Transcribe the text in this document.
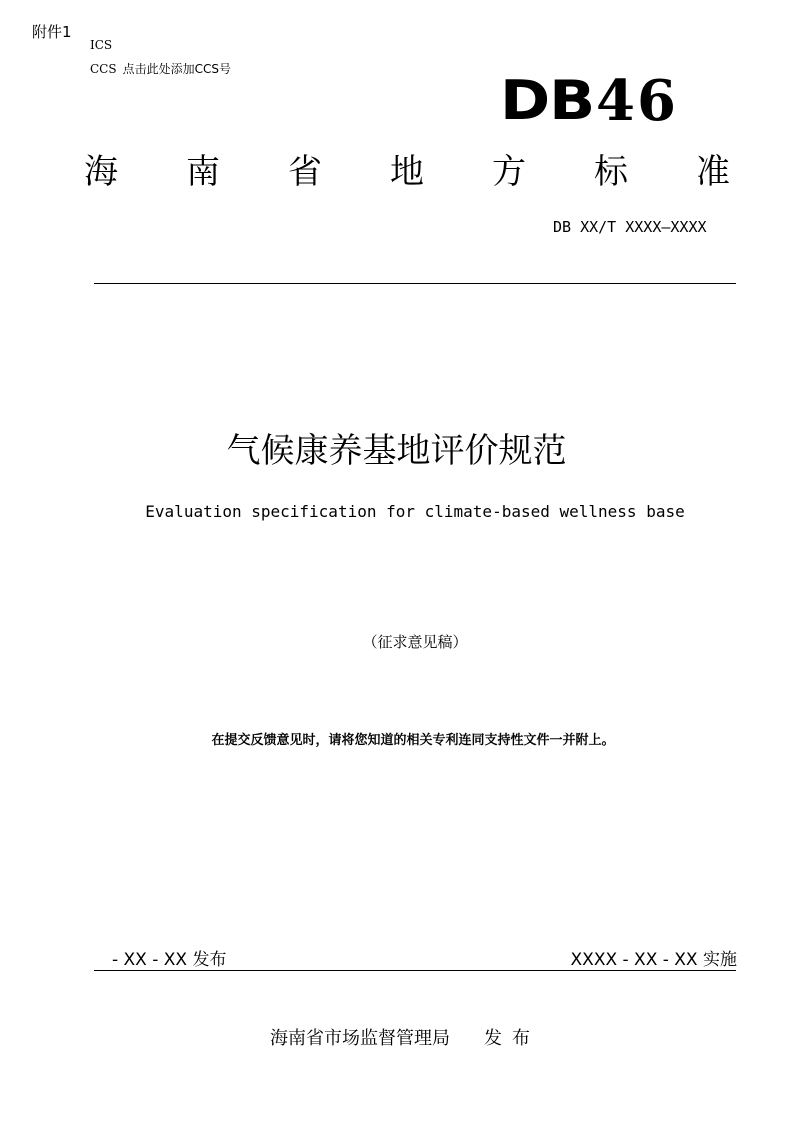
附件1
ICS
CCS 点击此处添加CCS号	DB 46
海 南 省 地 方 标 准
DB XX/T XXXX—XXXX
气候康养基地评价规范
Evaluation specification for climate-based wellness base
（征求意见稿）
在提交反馈意见时，请将您知道的相关专利连同支持性文件一并附上。
- XX - XX 发布	XXXX - XX - XX 实施
海南省市场监督管理局 发布
